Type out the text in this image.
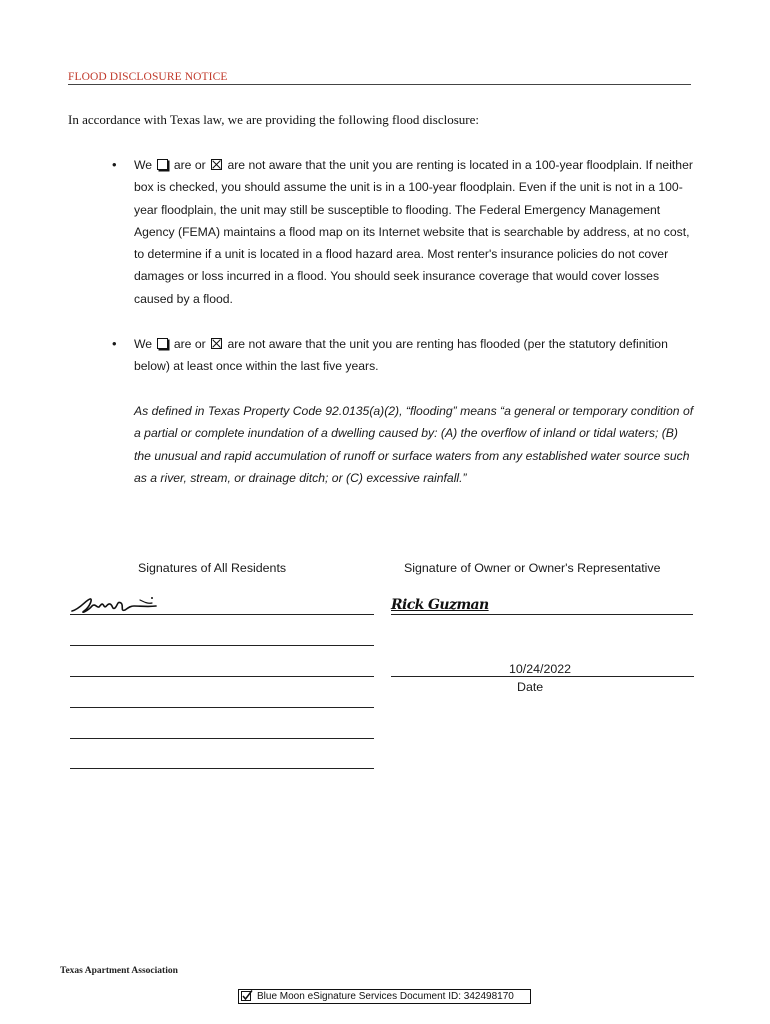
FLOOD DISCLOSURE NOTICE
In accordance with Texas law, we are providing the following flood disclosure:
• We are or are not aware that the unit you are renting is located in a 100-year floodplain. If neither box is checked, you should assume the unit is in a 100-year floodplain. Even if the unit is not in a 100-year floodplain, the unit may still be susceptible to flooding. The Federal Emergency Management Agency (FEMA) maintains a flood map on its Internet website that is searchable by address, at no cost, to determine if a unit is located in a flood hazard area. Most renter's insurance policies do not cover damages or loss incurred in a flood. You should seek insurance coverage that would cover losses caused by a flood.
• We are or are not aware that the unit you are renting has flooded (per the statutory definition below) at least once within the last five years.
As defined in Texas Property Code 92.0135(a)(2), “flooding” means “a general or temporary condition of a partial or complete inundation of a dwelling caused by: (A) the overflow of inland or tidal waters; (B) the unusual and rapid accumulation of runoff or surface waters from any established water source such as a river, stream, or drainage ditch; or (C) excessive rainfall.”
Signatures of All Residents	Signature of Owner or Owner's Representative
Rick Guzman
10/24/2022
Date
Texas Apartment Association
Blue Moon eSignature Services Document ID: 342498170
